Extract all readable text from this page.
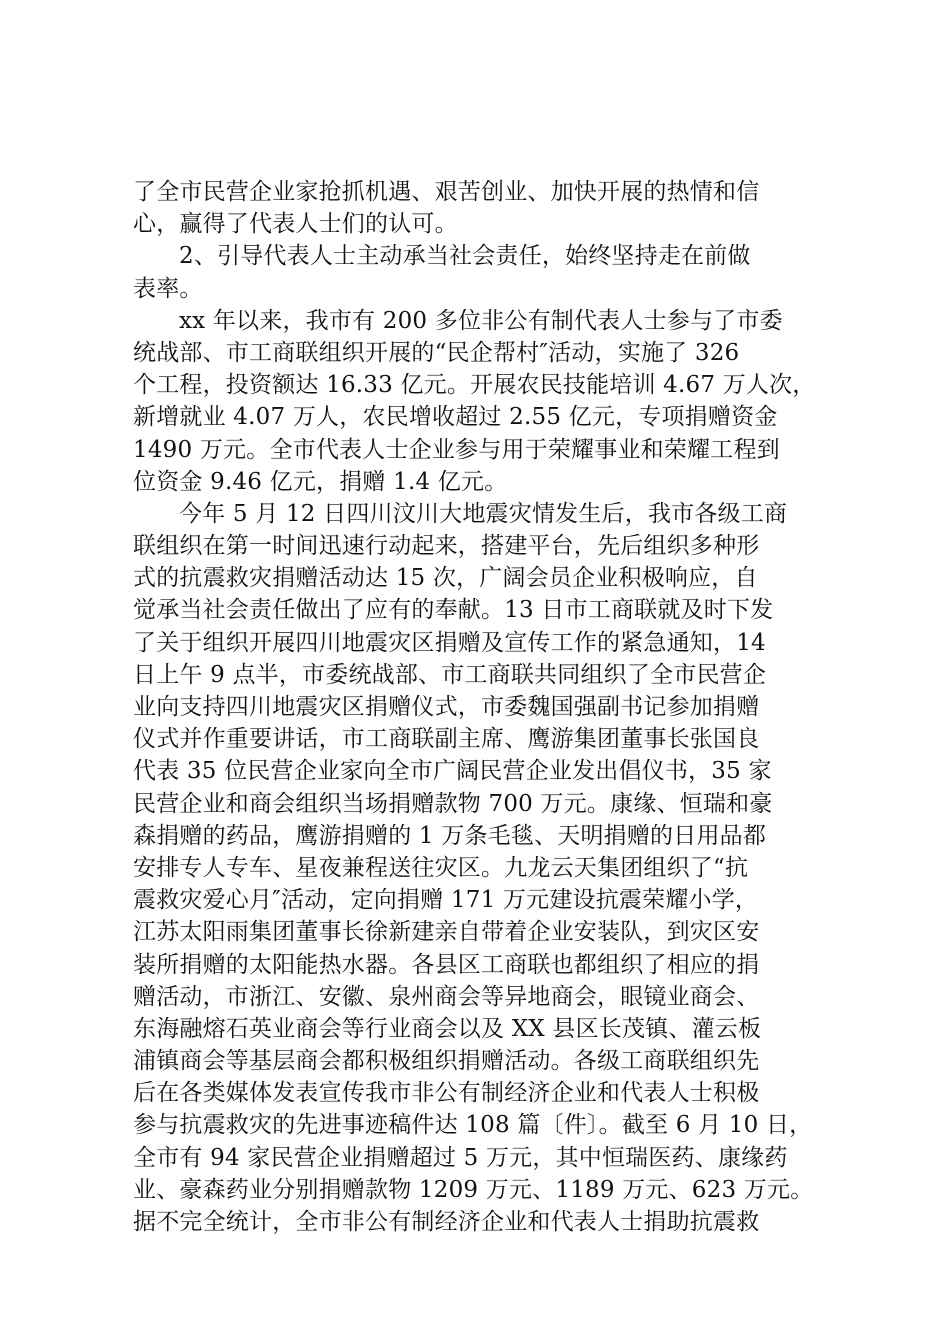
了全市民营企业家抢抓机遇、艰苦创业、加快开展的热情和信
心，赢得了代表人士们的认可。
2、引导代表人士主动承当社会责任，始终坚持走在前做
表率。
xx 年以来，我市有 200 多位非公有制代表人士参与了市委
统战部、市工商联组织开展的“民企帮村″活动，实施了 326
个工程，投资额达 16.33 亿元。开展农民技能培训 4.67 万人次，
新增就业 4.07 万人，农民增收超过 2.55 亿元，专项捐赠资金
1490 万元。全市代表人士企业参与用于荣耀事业和荣耀工程到
位资金 9.46 亿元，捐赠 1.4 亿元。
今年 5 月 12 日四川汶川大地震灾情发生后，我市各级工商
联组织在第一时间迅速行动起来，搭建平台，先后组织多种形
式的抗震救灾捐赠活动达 15 次，广阔会员企业积极响应，自
觉承当社会责任做出了应有的奉献。13 日市工商联就及时下发
了关于组织开展四川地震灾区捐赠及宣传工作的紧急通知，14
日上午 9 点半，市委统战部、市工商联共同组织了全市民营企
业向支持四川地震灾区捐赠仪式，市委魏国强副书记参加捐赠
仪式并作重要讲话，市工商联副主席、鹰游集团董事长张国良
代表 35 位民营企业家向全市广阔民营企业发出倡仪书，35 家
民营企业和商会组织当场捐赠款物 700 万元。康缘、恒瑞和豪
森捐赠的药品，鹰游捐赠的 1 万条毛毯、天明捐赠的日用品都
安排专人专车、星夜兼程送往灾区。九龙云天集团组织了“抗
震救灾爱心月″活动，定向捐赠 171 万元建设抗震荣耀小学，
江苏太阳雨集团董事长徐新建亲自带着企业安装队，到灾区安
装所捐赠的太阳能热水器。各县区工商联也都组织了相应的捐
赠活动，市浙江、安徽、泉州商会等异地商会，眼镜业商会、
东海融熔石英业商会等行业商会以及 XX 县区长茂镇、灌云板
浦镇商会等基层商会都积极组织捐赠活动。各级工商联组织先
后在各类媒体发表宣传我市非公有制经济企业和代表人士积极
参与抗震救灾的先进事迹稿件达 108 篇〔件〕。截至 6 月 10 日，
全市有 94 家民营企业捐赠超过 5 万元，其中恒瑞医药、康缘药
业、豪森药业分别捐赠款物 1209 万元、1189 万元、623 万元。
据不完全统计，全市非公有制经济企业和代表人士捐助抗震救
